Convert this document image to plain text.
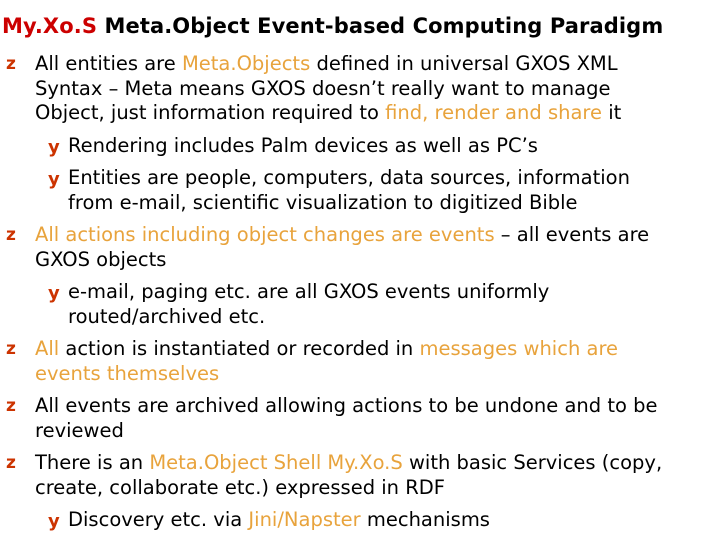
My.Xo.S Meta.Object Event-based Computing Paradigm
z All entities are Meta.Objects defined in universal GXOS XML
Syntax – Meta means GXOS doesn’t really want to manage
Object, just information required to find, render and share it
y Rendering includes Palm devices as well as PC’s
y Entities are people, computers, data sources, information
from e-mail, scientific visualization to digitized Bible
z All actions including object changes are events – all events are
GXOS objects
y e-mail, paging etc. are all GXOS events uniformly
routed/archived etc.
z All action is instantiated or recorded in messages which are
events themselves
z All events are archived allowing actions to be undone and to be
reviewed
z There is an Meta.Object Shell My.Xo.S with basic Services (copy,
create, collaborate etc.) expressed in RDF
y Discovery etc. via Jini/Napster mechanisms
